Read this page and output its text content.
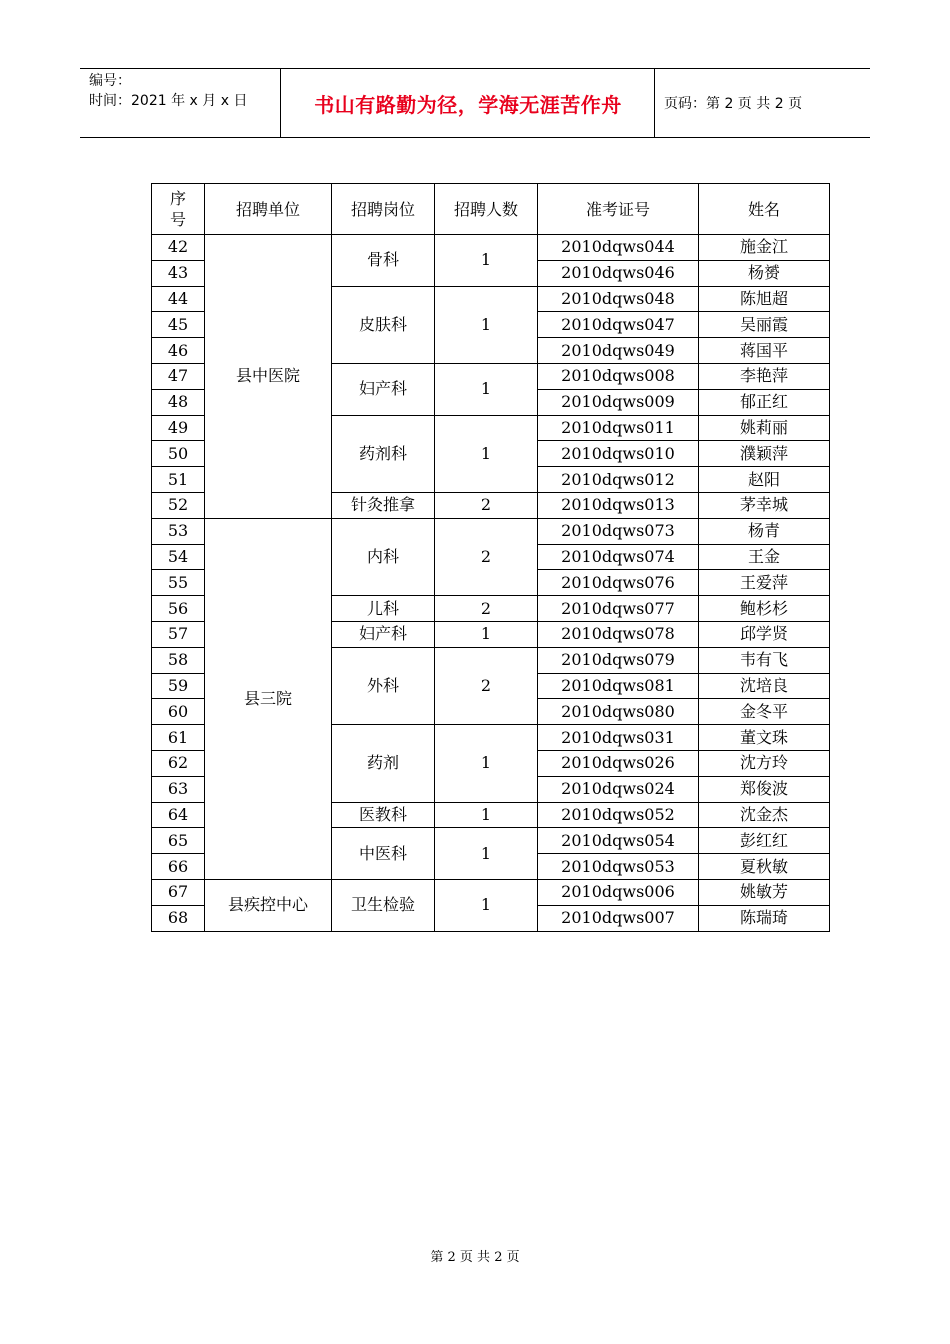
编号：
时间：2021 年 x 月 x 日	书山有路勤为径，学海无涯苦作舟	页码：第 2 页 共 2 页
序号	招聘单位	招聘岗位	招聘人数	准考证号	姓名
42	县中医院	骨科	1	2010dqws044	施金江
43				2010dqws046	杨赟
44		皮肤科	1	2010dqws048	陈旭超
45				2010dqws047	吴丽霞
46				2010dqws049	蒋国平
47		妇产科	1	2010dqws008	李艳萍
48				2010dqws009	郁正红
49		药剂科	1	2010dqws011	姚莉丽
50				2010dqws010	濮颖萍
51				2010dqws012	赵阳
52		针灸推拿	2	2010dqws013	茅幸城
53	县三院	内科	2	2010dqws073	杨青
54				2010dqws074	王金
55				2010dqws076	王爱萍
56		儿科	2	2010dqws077	鲍杉杉
57		妇产科	1	2010dqws078	邱学贤
58		外科	2	2010dqws079	韦有飞
59				2010dqws081	沈培良
60				2010dqws080	金冬平
61		药剂	1	2010dqws031	董文珠
62				2010dqws026	沈方玲
63				2010dqws024	郑俊波
64		医教科	1	2010dqws052	沈金杰
65		中医科	1	2010dqws054	彭红红
66				2010dqws053	夏秋敏
67	县疾控中心	卫生检验	1	2010dqws006	姚敏芳
68				2010dqws007	陈瑞琦
第 2 页 共 2 页
